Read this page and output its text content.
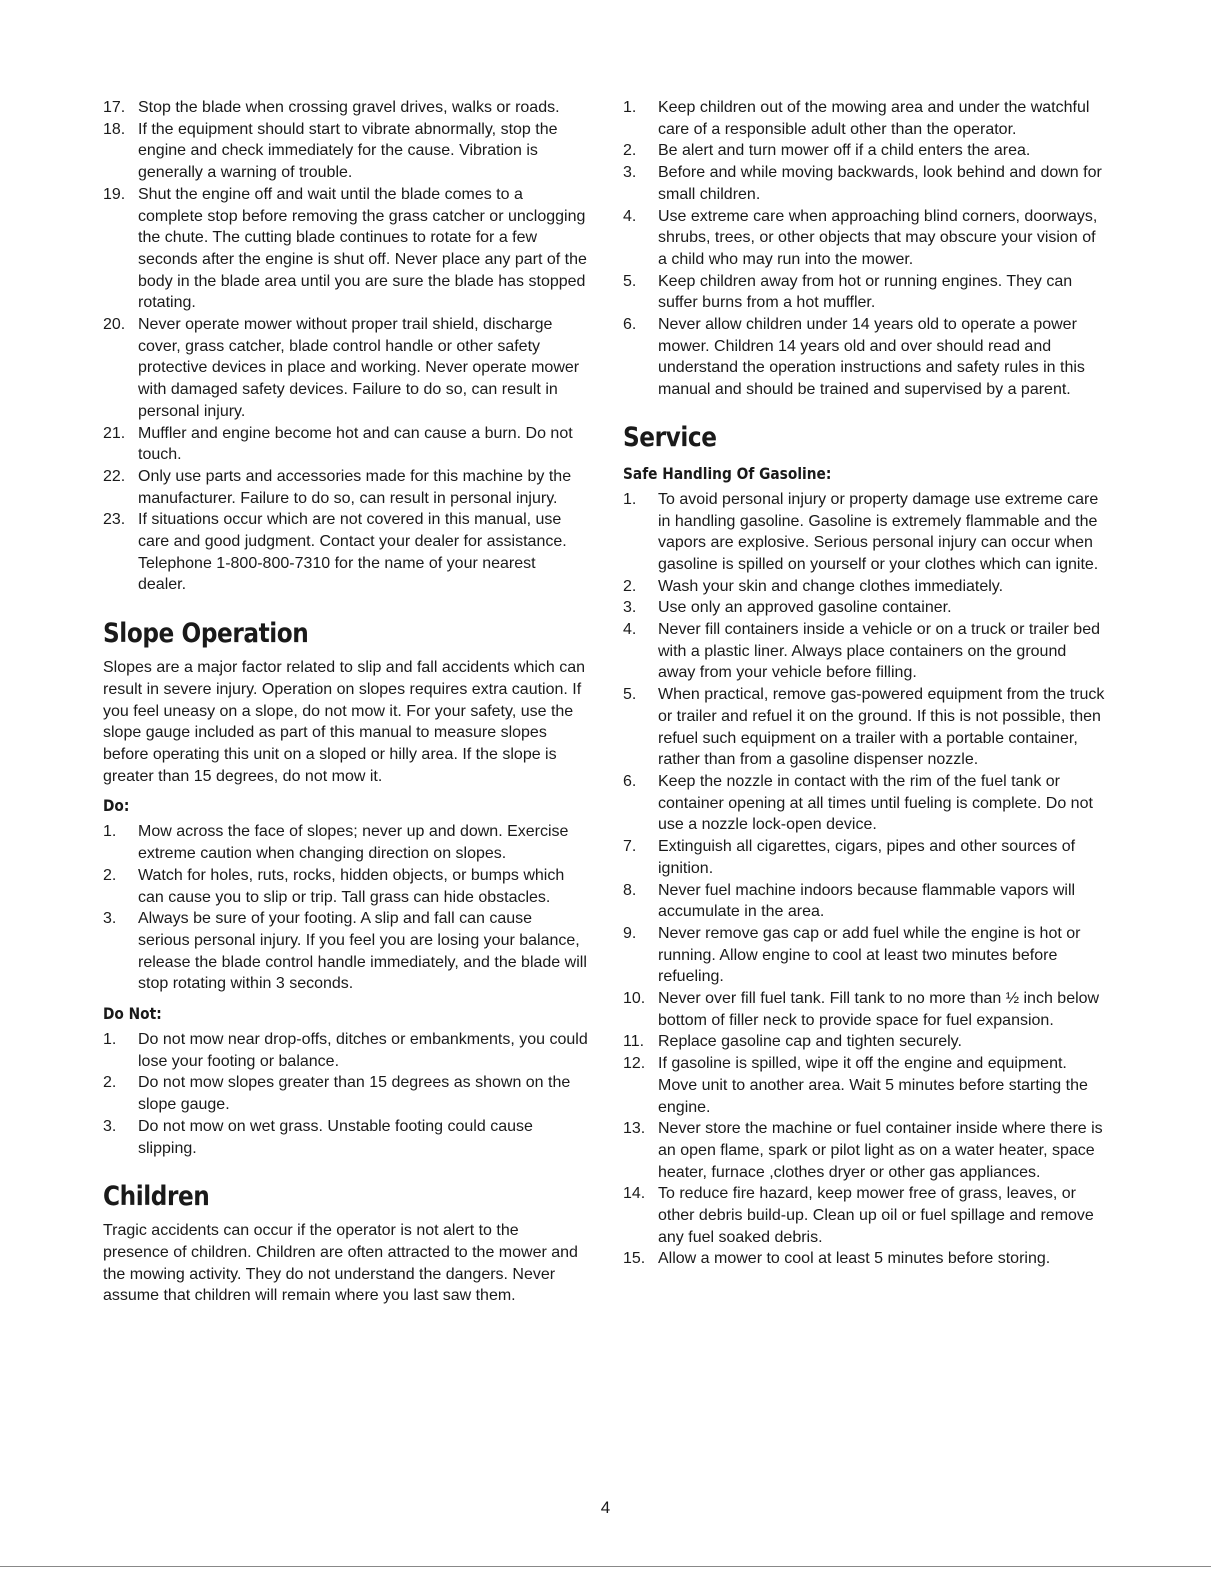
17. Stop the blade when crossing gravel drives, walks or roads.
18. If the equipment should start to vibrate abnormally, stop the engine and check immediately for the cause. Vibration is generally a warning of trouble.
19. Shut the engine off and wait until the blade comes to a complete stop before removing the grass catcher or unclogging the chute. The cutting blade continues to rotate for a few seconds after the engine is shut off. Never place any part of the body in the blade area until you are sure the blade has stopped rotating.
20. Never operate mower without proper trail shield, discharge cover, grass catcher, blade control handle or other safety protective devices in place and working. Never operate mower with damaged safety devices. Failure to do so, can result in personal injury.
21. Muffler and engine become hot and can cause a burn. Do not touch.
22. Only use parts and accessories made for this machine by the manufacturer. Failure to do so, can result in personal injury.
23. If situations occur which are not covered in this manual, use care and good judgment. Contact your dealer for assistance. Telephone 1-800-800-7310 for the name of your nearest dealer.
Slope Operation

Slopes are a major factor related to slip and fall accidents which can result in severe injury. Operation on slopes requires extra caution. If you feel uneasy on a slope, do not mow it. For your safety, use the slope gauge included as part of this manual to measure slopes before operating this unit on a sloped or hilly area. If the slope is greater than 15 degrees, do not mow it.

Do:
1. Mow across the face of slopes; never up and down. Exercise extreme caution when changing direction on slopes.
2. Watch for holes, ruts, rocks, hidden objects, or bumps which can cause you to slip or trip. Tall grass can hide obstacles.
3. Always be sure of your footing. A slip and fall can cause serious personal injury. If you feel you are losing your balance, release the blade control handle immediately, and the blade will stop rotating within 3 seconds.
Do Not:
1. Do not mow near drop-offs, ditches or embankments, you could lose your footing or balance.
2. Do not mow slopes greater than 15 degrees as shown on the slope gauge.
3. Do not mow on wet grass. Unstable footing could cause slipping.
Children

Tragic accidents can occur if the operator is not alert to the presence of children. Children are often attracted to the mower and the mowing activity. They do not understand the dangers. Never assume that children will remain where you last saw them.

1. Keep children out of the mowing area and under the watchful care of a responsible adult other than the operator.
2. Be alert and turn mower off if a child enters the area.
3. Before and while moving backwards, look behind and down for small children.
4. Use extreme care when approaching blind corners, doorways, shrubs, trees, or other objects that may obscure your vision of a child who may run into the mower.
5. Keep children away from hot or running engines. They can suffer burns from a hot muffler.
6. Never allow children under 14 years old to operate a power mower. Children 14 years old and over should read and understand the operation instructions and safety rules in this manual and should be trained and supervised by a parent.
Service
Safe Handling Of Gasoline:
1. To avoid personal injury or property damage use extreme care in handling gasoline. Gasoline is extremely flammable and the vapors are explosive. Serious personal injury can occur when gasoline is spilled on yourself or your clothes which can ignite.
2. Wash your skin and change clothes immediately.
3. Use only an approved gasoline container.
4. Never fill containers inside a vehicle or on a truck or trailer bed with a plastic liner. Always place containers on the ground away from your vehicle before filling.
5. When practical, remove gas-powered equipment from the truck or trailer and refuel it on the ground. If this is not possible, then refuel such equipment on a trailer with a portable container, rather than from a gasoline dispenser nozzle.
6. Keep the nozzle in contact with the rim of the fuel tank or container opening at all times until fueling is complete. Do not use a nozzle lock-open device.
7. Extinguish all cigarettes, cigars, pipes and other sources of ignition.
8. Never fuel machine indoors because flammable vapors will accumulate in the area.
9. Never remove gas cap or add fuel while the engine is hot or running. Allow engine to cool at least two minutes before refueling.
10. Never over fill fuel tank. Fill tank to no more than ½ inch below bottom of filler neck to provide space for fuel expansion.
11. Replace gasoline cap and tighten securely.
12. If gasoline is spilled, wipe it off the engine and equipment. Move unit to another area. Wait 5 minutes before starting the engine.
13. Never store the machine or fuel container inside where there is an open flame, spark or pilot light as on a water heater, space heater, furnace ,clothes dryer or other gas appliances.
14. To reduce fire hazard, keep mower free of grass, leaves, or other debris build-up. Clean up oil or fuel spillage and remove any fuel soaked debris.
15. Allow a mower to cool at least 5 minutes before storing.
4
